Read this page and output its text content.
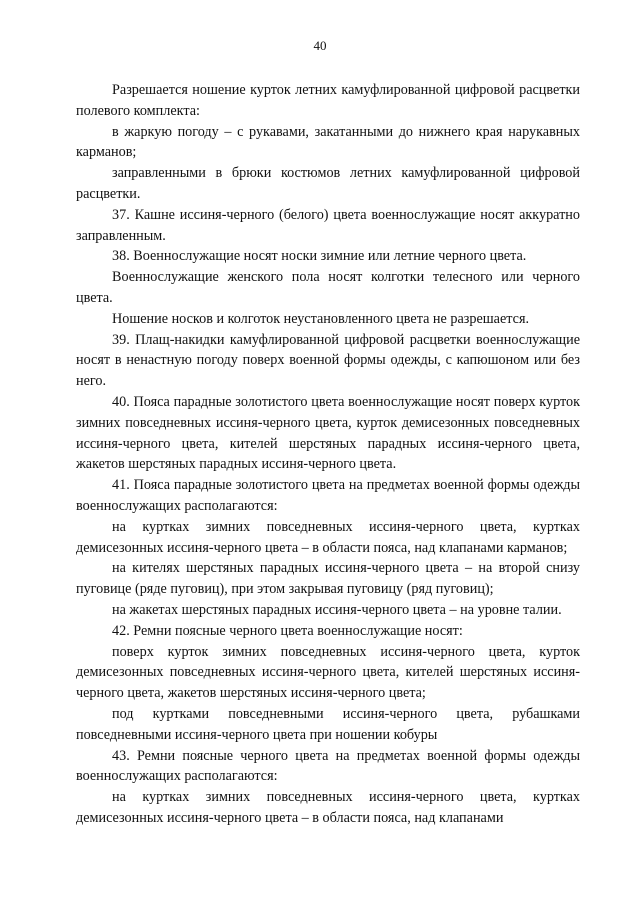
40

Разрешается ношение курток летних камуфлированной цифровой расцветки полевого комплекта:

в жаркую погоду – с рукавами, закатанными до нижнего края нарукавных карманов;

заправленными в брюки костюмов летних камуфлированной цифровой расцветки.

37. Кашне иссиня-черного (белого) цвета военнослужащие носят аккуратно заправленным.

38. Военнослужащие носят носки зимние или летние черного цвета.

Военнослужащие женского пола носят колготки телесного или черного цвета.

Ношение носков и колготок неустановленного цвета не разрешается.

39. Плащ-накидки камуфлированной цифровой расцветки военнослужащие носят в ненастную погоду поверх военной формы одежды, с капюшоном или без него.

40. Пояса парадные золотистого цвета военнослужащие носят поверх курток зимних повседневных иссиня-черного цвета, курток демисезонных повседневных иссиня-черного цвета, кителей шерстяных парадных иссиня-черного цвета, жакетов шерстяных парадных иссиня-черного цвета.

41. Пояса парадные золотистого цвета на предметах военной формы одежды военнослужащих располагаются:

на куртках зимних повседневных иссиня-черного цвета, куртках демисезонных иссиня-черного цвета – в области пояса, над клапанами карманов;

на кителях шерстяных парадных иссиня-черного цвета – на второй снизу пуговице (ряде пуговиц), при этом закрывая пуговицу (ряд пуговиц);

на жакетах шерстяных парадных иссиня-черного цвета – на уровне талии.

42. Ремни поясные черного цвета военнослужащие носят:

поверх курток зимних повседневных иссиня-черного цвета, курток демисезонных повседневных иссиня-черного цвета, кителей шерстяных иссиня-черного цвета, жакетов шерстяных иссиня-черного цвета;

под куртками повседневными иссиня-черного цвета, рубашками повседневными иссиня-черного цвета при ношении кобуры

43. Ремни поясные черного цвета на предметах военной формы одежды военнослужащих располагаются:

на куртках зимних повседневных иссиня-черного цвета, куртках демисезонных иссиня-черного цвета – в области пояса, над клапанами
